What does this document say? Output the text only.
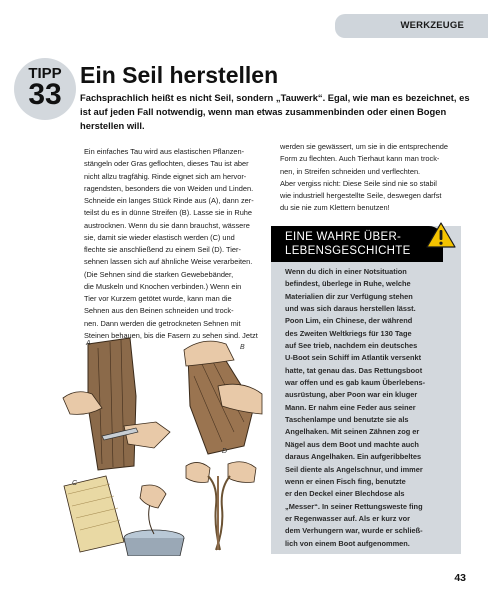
WERKZEUGE
TIPP
33
Ein Seil herstellen

Fachsprachlich heißt es nicht Seil, sondern „Tauwerk“. Egal, wie man es bezeichnet, es ist auf jeden Fall notwendig, wenn man etwas zusammenbinden oder einen Bogen herstellen will.

Ein einfaches Tau wird aus elastischen Pflanzen-
stängeln oder Gras geflochten, dieses Tau ist aber
nicht allzu tragfähig. Rinde eignet sich am hervor-
ragendsten, besonders die von Weiden und Linden.
Schneide ein langes Stück Rinde aus (A), dann zer-
teilst du es in dünne Streifen (B). Lasse sie in Ruhe
austrocknen. Wenn du sie dann brauchst, wässere
sie, damit sie wieder elastisch werden (C) und
flechte sie anschließend zu einem Seil (D). Tier-
sehnen lassen sich auf ähnliche Weise verarbeiten.
(Die Sehnen sind die starken Gewebebänder,
die Muskeln und Knochen verbinden.) Wenn ein
Tier vor Kurzem getötet wurde, kann man die
Sehnen aus den Beinen schneiden und trock-
nen. Dann werden die getrockneten Sehnen mit
Steinen behauen, bis die Fasern zu sehen sind. Jetzt
werden sie gewässert, um sie in die entsprechende
Form zu flechten. Auch Tierhaut kann man trock-
nen, in Streifen schneiden und verflechten.
Aber vergiss nicht: Diese Seile sind nie so stabil
wie industriell hergestellte Seile, deswegen darfst
du sie nie zum Klettern benutzen!
EINE WAHRE ÜBER-
LEBENSGESCHICHTE
Wenn du dich in einer Notsituation
befindest, überlege in Ruhe, welche
Materialien dir zur Verfügung stehen
und was sich daraus herstellen lässt.
Poon Lim, ein Chinese, der während
des Zweiten Weltkriegs für 130 Tage
auf See trieb, nachdem ein deutsches
U-Boot sein Schiff im Atlantik versenkt
hatte, tat genau das. Das Rettungsboot
war offen und es gab kaum Überlebens-
ausrüstung, aber Poon war ein kluger
Mann. Er nahm eine Feder aus seiner
Taschenlampe und benutzte sie als
Angelhaken. Mit seinen Zähnen zog er
Nägel aus dem Boot und machte auch
daraus Angelhaken. Ein aufgeribbeltes
Seil diente als Angelschnur, und immer
wenn er einen Fisch fing, benutzte
er den Deckel einer Blechdose als
„Messer“. In seiner Rettungsweste fing
er Regenwasser auf. Als er kurz vor
dem Verhungern war, wurde er schließ-
lich von einem Boot aufgenommen.
A
B
C
D
43
